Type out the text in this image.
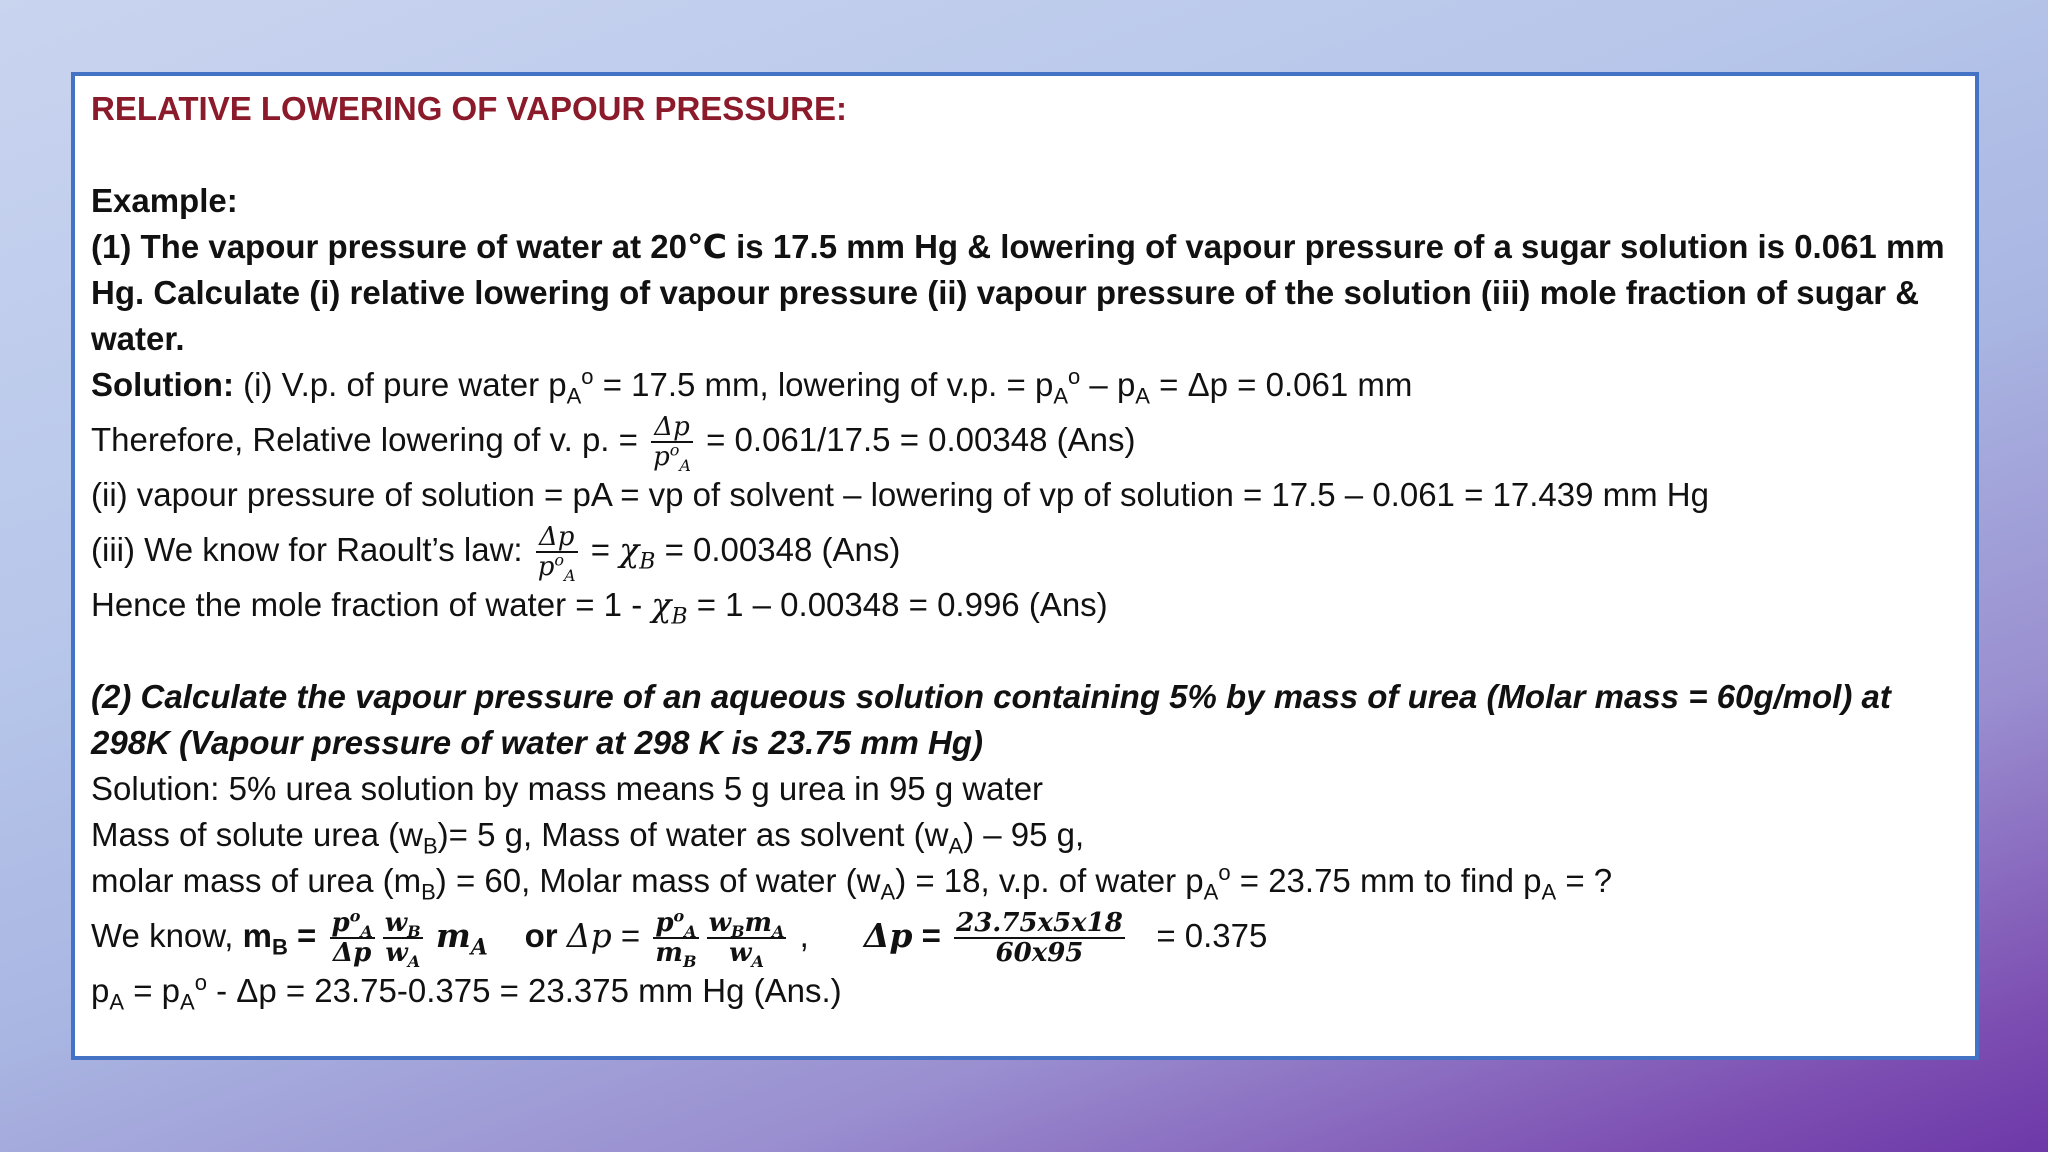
RELATIVE LOWERING OF VAPOUR PRESSURE:
Example:
(1) The vapour pressure of water at 20℃ is 17.5 mm Hg & lowering of vapour pressure of a sugar solution is 0.061 mm Hg. Calculate (i) relative lowering of vapour pressure (ii) vapour pressure of the solution (iii) mole fraction of sugar & water.
Solution: (i) V.p. of pure water $p_A^o = 17.5$ mm, lowering of v.p. = $p_A^o - p_A = \Delta p = 0.061$ mm
Therefore, Relative lowering of v. p. = $\frac{\Delta p}{p^o_A} = 0.061/17.5 = 0.00348$ (Ans)
(ii) vapour pressure of solution = pA = vp of solvent – lowering of vp of solution = 17.5 – 0.061 = 17.439 mm Hg
(iii) We know for Raoult’s law: $\frac{\Delta p}{p^o_A} = \chi_B = 0.00348$ (Ans)
Hence the mole fraction of water = $1 - \chi_B = 1 - 0.00348 = 0.996$ (Ans)
(2) Calculate the vapour pressure of an aqueous solution containing 5% by mass of urea (Molar mass = 60g/mol) at 298K (Vapour pressure of water at 298 K is 23.75 mm Hg)
Solution: 5% urea solution by mass means 5 g urea in 95 g water
Mass of solute urea $(w_B)= 5$ g, Mass of water as solvent $(w_A) - 95$ g,
molar mass of urea $(m_B) = 60$, Molar mass of water $(w_A) = 18$, v.p. of water $p_A^o = 23.75$ mm to find $p_A$ = ?
We know, $m_B = \frac{p^o_A}{\Delta p} \frac{w_B}{w_A} m_A$ or $\Delta p = \frac{p^o_A}{m_B} \frac{w_Bm_A}{w_A}$ ,      $\Delta p = \frac{23.75x5x18}{60x95} = 0.375$
$p_A = p_A^o - \Delta p = 23.75-0.375 = 23.375$ mm Hg (Ans.)
